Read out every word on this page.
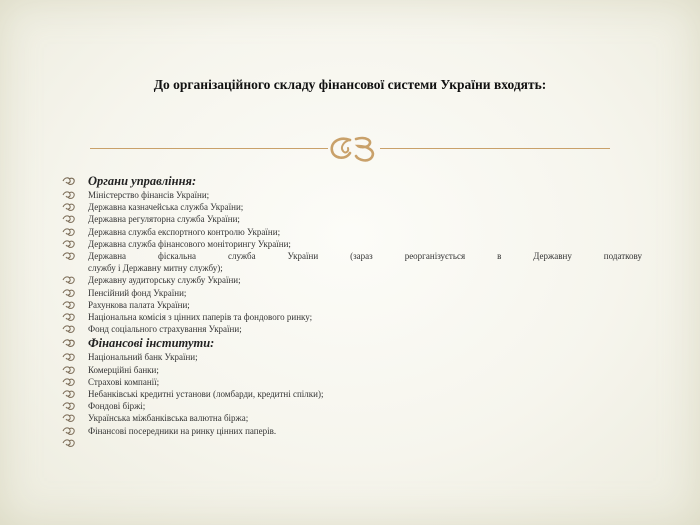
До організаційного складу фінансової системи України входять:
Органи управління:
Міністерство фінансів України;
Державна казначейська служба України;
Державна регуляторна служба України;
Державна служба експортного контролю України;
Державна служба фінансового моніторингу України;
Державна фіскальна служба України (зараз реорганізується в Державну податкову
службу і Державну митну службу);
Державну аудиторську службу України;
Пенсійний фонд України;
Рахункова палата України;
Національна комісія з цінних паперів та фондового ринку;
Фонд соціального страхування України;
Фінансові інститути:
Національний банк України;
Комерційні банки;
Страхові компанії;
Небанківські кредитні установи (ломбарди, кредитні спілки);
Фондові біржі;
Українська міжбанківська валютна біржа;
Фінансові посередники на ринку цінних паперів.
